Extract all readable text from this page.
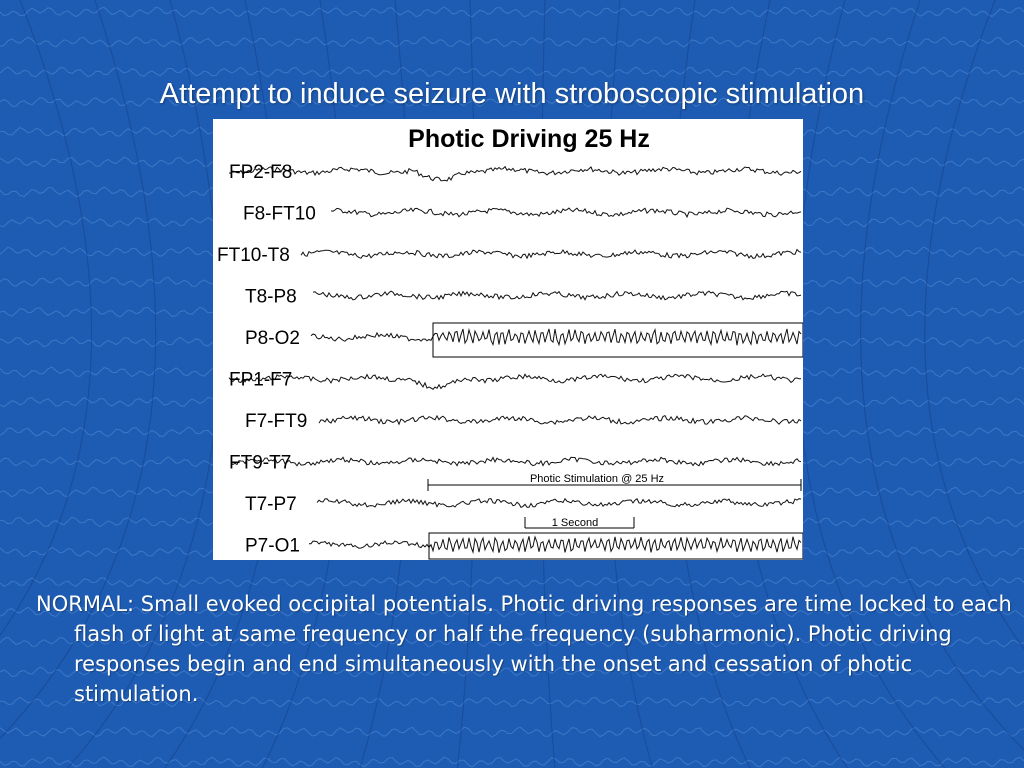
Attempt to induce seizure with stroboscopic stimulation
Photic Driving 25 Hz
FP2-F8
F8-FT10
FT10-T8
T8-P8
P8-O2
FP1-F7
F7-FT9
FT9-T7
T7-P7
P7-O1
Photic Stimulation @ 25 Hz
1 Second
NORMAL: Small evoked occipital potentials. Photic driving responses are time locked to each flash of light at same frequency or half the frequency (subharmonic). Photic driving responses begin and end simultaneously with the onset and cessation of photic stimulation.
